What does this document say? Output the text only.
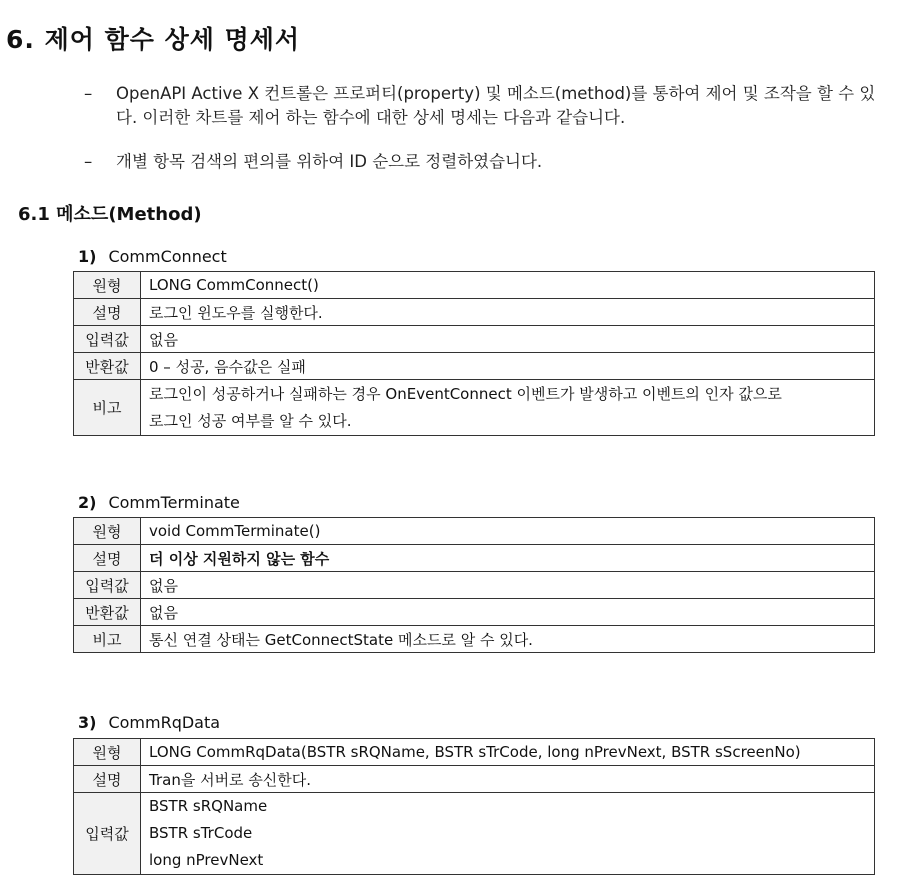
6. 제어 함수 상세 명세서
– OpenAPI Active X 컨트롤은 프로퍼티(property) 및 메소드(method)를 통하여 제어 및 조작을 할 수 있다. 이러한 차트를 제어 하는 함수에 대한 상세 명세는 다음과 같습니다.
– 개별 항목 검색의 편의를 위하여 ID 순으로 정렬하였습니다.
6.1 메소드(Method)
1) CommConnect
원형	LONG CommConnect()
설명	로그인 윈도우를 실행한다.
입력값	없음
반환값	0 – 성공, 음수값은 실패
비고	로그인이 성공하거나 실패하는 경우 OnEventConnect 이벤트가 발생하고 이벤트의 인자 값으로
로그인 성공 여부를 알 수 있다.
2) CommTerminate
원형	void CommTerminate()
설명	더 이상 지원하지 않는 함수
입력값	없음
반환값	없음
비고	통신 연결 상태는 GetConnectState 메소드로 알 수 있다.
3) CommRqData
원형	LONG CommRqData(BSTR sRQName, BSTR sTrCode, long nPrevNext, BSTR sScreenNo)
설명	Tran을 서버로 송신한다.
입력값	BSTR sRQName
BSTR sTrCode
long nPrevNext
